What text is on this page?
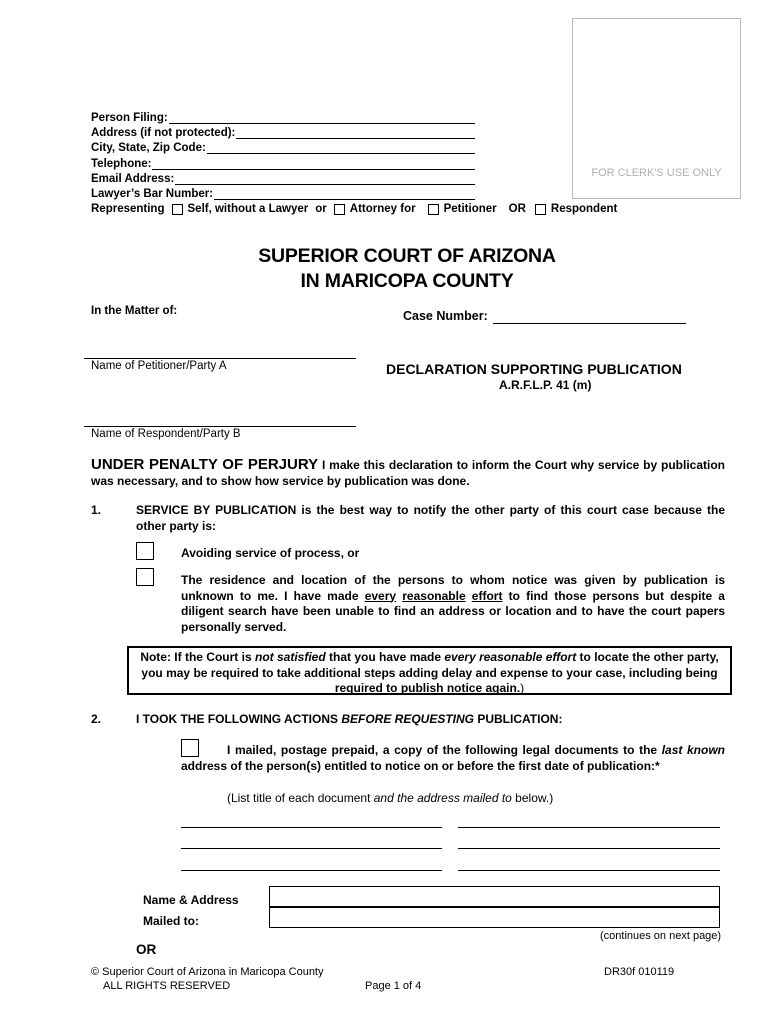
FOR CLERK'S USE ONLY
Person Filing:
Address (if not protected):
City, State, Zip Code:
Telephone:
Email Address:
Lawyer’s Bar Number:
Representing Self, without a Lawyer or Attorney for Petitioner OR Respondent
SUPERIOR COURT OF ARIZONA
IN MARICOPA COUNTY
In the Matter of:	Case Number:
Name of Petitioner/Party A
Name of Respondent/Party B
DECLARATION SUPPORTING PUBLICATION
A.R.F.L.P. 41 (m)
UNDER PENALTY OF PERJURY I make this declaration to inform the Court why service by publication was necessary, and to show how service by publication was done.
1.	SERVICE BY PUBLICATION is the best way to notify the other party of this court case because the other party is:
Avoiding service of process, or
The residence and location of the persons to whom notice was given by publication is unknown to me. I have made every reasonable effort to find those persons but despite a diligent search have been unable to find an address or location and to have the court papers personally served.
Note: If the Court is not satisfied that you have made every reasonable effort to locate the other party, you may be required to take additional steps adding delay and expense to your case, including being required to publish notice again.)
2.	I TOOK THE FOLLOWING ACTIONS BEFORE REQUESTING PUBLICATION:
I mailed, postage prepaid, a copy of the following legal documents to the last known address of the person(s) entitled to notice on or before the first date of publication:*
(List title of each document and the address mailed to below.)
Name & Address
Mailed to:
(continues on next page)
OR
© Superior Court of Arizona in Maricopa County
ALL RIGHTS RESERVED	Page 1 of 4
DR30f 010119
